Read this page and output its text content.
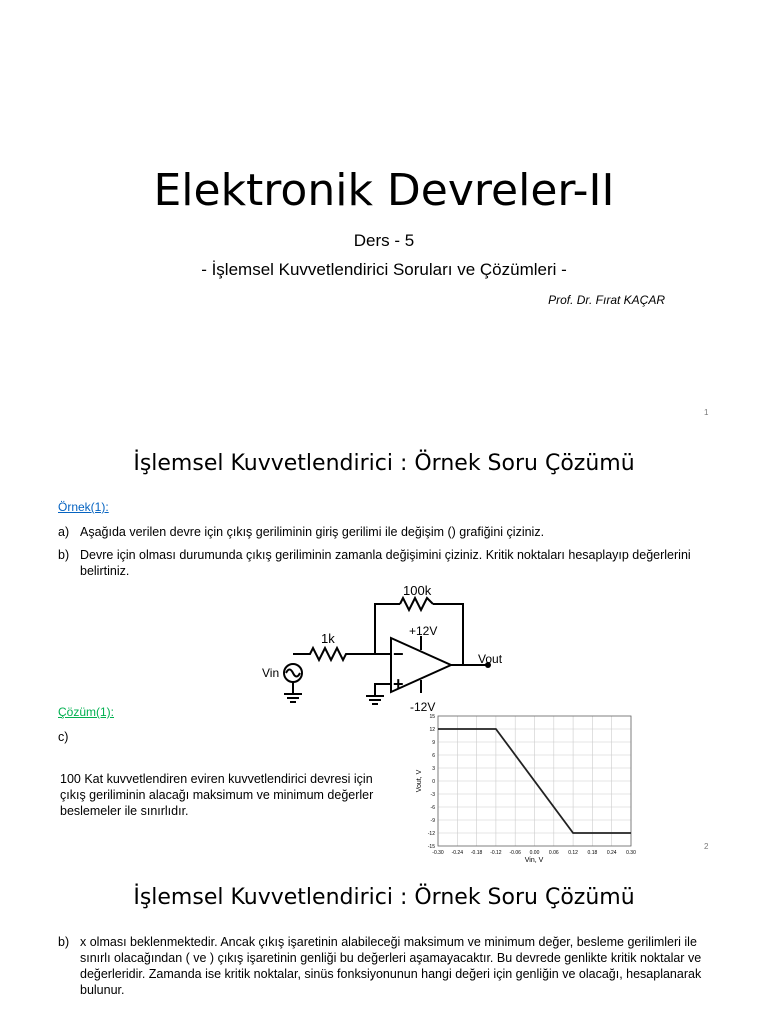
Elektronik Devreler-II
Ders - 5
- İşlemsel Kuvvetlendirici Soruları ve Çözümleri -
Prof. Dr. Fırat KAÇAR
1
İşlemsel Kuvvetlendirici : Örnek Soru Çözümü
Örnek(1):
a) Aşağıda verilen devre için çıkış geriliminin giriş gerilimi ile değişim () grafiğini çiziniz.
b) Devre için olması durumunda çıkış geriliminin zamanla değişimini çiziniz. Kritik noktaları hesaplayıp değerlerini belirtiniz.
100k
1k	+12V
-12V
Vin
Vout
−
+
Çözüm(1):
c)
100 Kat kuvvetlendiren eviren kuvvetlendirici devresi için çıkış geriliminin alacağı maksimum ve minimum değerler beslemeler ile sınırlıdır.
-0.30 -0.24 -0.18 -0.12 -0.06 0.00 0.06 0.12 0.18 0.24 0.30
-15
-12
-9
-6
-3
0
3
6
9
12
15
Vin, V
Vout, V
2
İşlemsel Kuvvetlendirici : Örnek Soru Çözümü
b) x olması beklenmektedir. Ancak çıkış işaretinin alabileceği maksimum ve minimum değer, besleme gerilimleri ile sınırlı olacağından ( ve ) çıkış işaretinin genliği bu değerleri aşamayacaktır. Bu devrede genlikte kritik noktalar ve değerleridir. Zamanda ise kritik noktalar, sinüs fonksiyonunun hangi değeri için genliğin ve olacağı, hesaplanarak bulunur.
